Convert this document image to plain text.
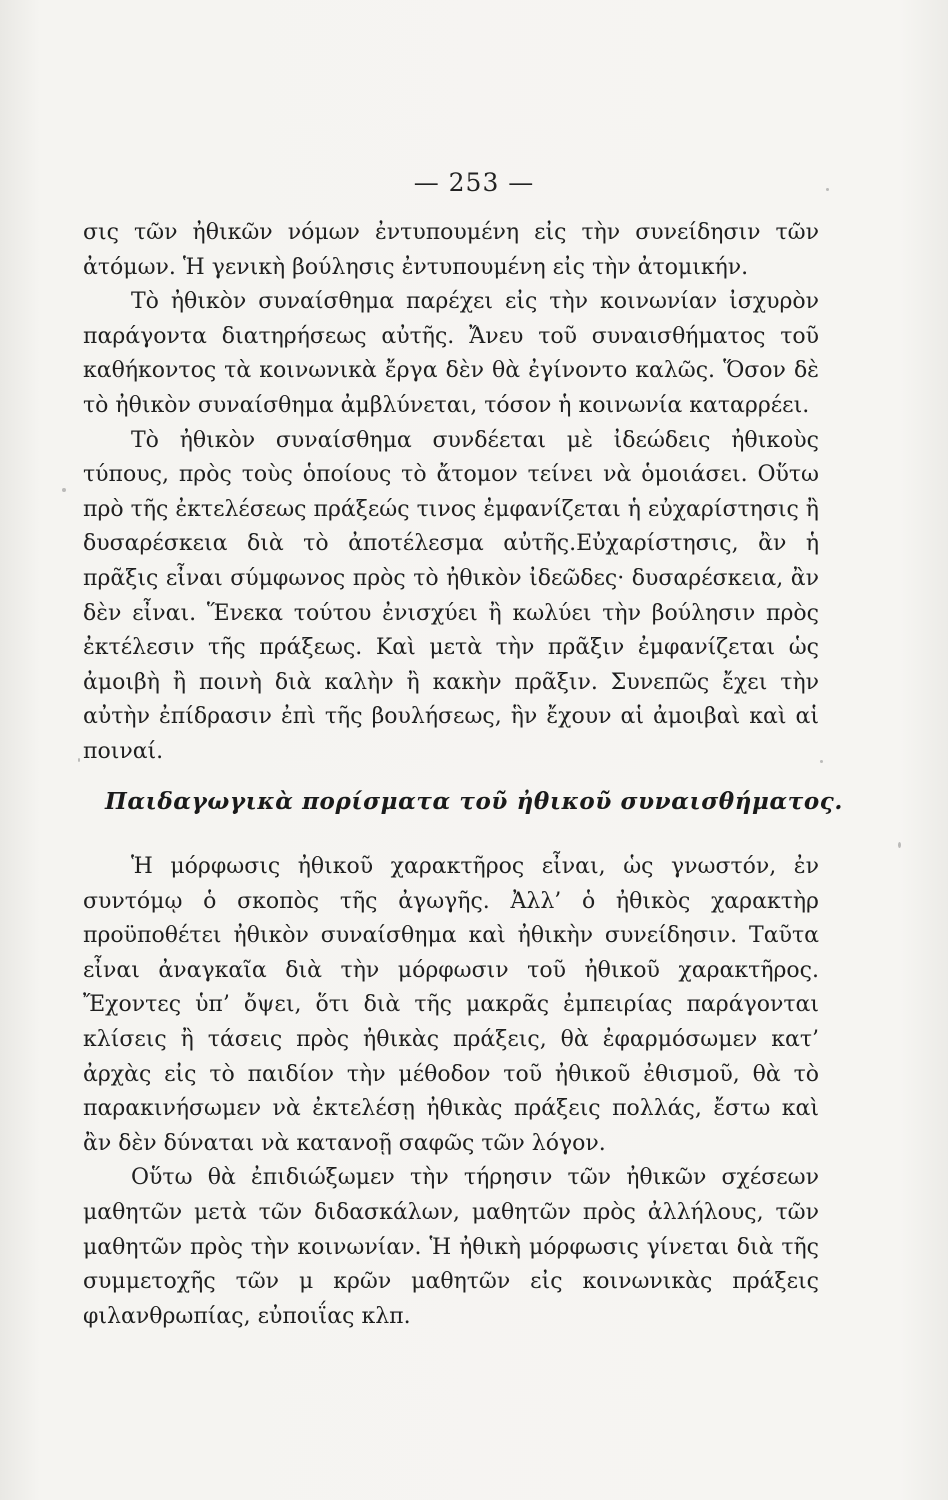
— 253 —

σις τῶν ἠθικῶν νόμων ἐντυπουμένη εἰς τὴν συνείδησιν τῶν ἀτόμων. Ἡ γενικὴ βούλησις ἐντυπουμένη εἰς τὴν ἀτομικήν.

Τὸ ἠθικὸν συναίσθημα παρέχει εἰς τὴν κοινωνίαν ἰσχυρὸν παράγοντα διατηρήσεως αὐτῆς. Ἄνευ τοῦ συναισθήματος τοῦ καθήκοντος τὰ κοινωνικὰ ἔργα δὲν θὰ ἐγίνοντο καλῶς. Ὅσον δὲ τὸ ἠθικὸν συναίσθημα ἀμβλύνεται, τόσον ἡ κοινωνία καταρρέει.

Τὸ ἠθικὸν συναίσθημα συνδέεται μὲ ἰδεώδεις ἠθικοὺς τύπους, πρὸς τοὺς ὁποίους τὸ ἄτομον τείνει νὰ ὁμοιάσει. Οὕτω πρὸ τῆς ἐκτελέσεως πράξεώς τινος ἐμφανίζεται ἡ εὐχαρίστησις ἢ δυσαρέσκεια διὰ τὸ ἀποτέλεσμα αὐτῆς.Εὐχαρίστησις, ἂν ἡ πρᾶξις εἶναι σύμφωνος πρὸς τὸ ἠθικὸν ἰδεῶδες· δυσαρέσκεια, ἂν δὲν εἶναι. Ἕνεκα τούτου ἐνισχύει ἢ κωλύει τὴν βούλησιν πρὸς ἐκτέλεσιν τῆς πράξεως. Καὶ μετὰ τὴν πρᾶξιν ἐμφανίζεται ὡς ἀμοιβὴ ἢ ποινὴ διὰ καλὴν ἢ κακὴν πρᾶξιν. Συνεπῶς ἔχει τὴν αὐτὴν ἐπίδρασιν ἐπὶ τῆς βουλήσεως, ἣν ἔχουν αἱ ἀμοιβαὶ καὶ αἱ ποιναί.

Παιδαγωγικὰ πορίσματα τοῦ ἠθικοῦ συναισθήματος.

Ἡ μόρφωσις ἠθικοῦ χαρακτῆρος εἶναι, ὡς γνωστόν, ἐν συντόμῳ ὁ σκοπὸς τῆς ἀγωγῆς. Ἀλλ’ ὁ ἠθικὸς χαρακτὴρ προϋποθέτει ἠθικὸν συναίσθημα καὶ ἠθικὴν συνείδησιν. Ταῦτα εἶναι ἀναγκαῖα διὰ τὴν μόρφωσιν τοῦ ἠθικοῦ χαρακτῆρος. Ἔχοντες ὑπ’ ὄψει, ὅτι διὰ τῆς μακρᾶς ἐμπειρίας παράγονται κλίσεις ἢ τάσεις πρὸς ἠθικὰς πράξεις, θὰ ἐφαρμόσωμεν κατ’ ἀρχὰς εἰς τὸ παιδίον τὴν μέθοδον τοῦ ἠθικοῦ ἐθισμοῦ, θὰ τὸ παρακινήσωμεν νὰ ἐκτελέσῃ ἠθικὰς πράξεις πολλάς, ἔστω καὶ ἂν δὲν δύναται νὰ κατανοῇ σαφῶς τῶν λόγον.

Οὕτω θὰ ἐπιδιώξωμεν τὴν τήρησιν τῶν ἠθικῶν σχέσεων μαθητῶν μετὰ τῶν διδασκάλων, μαθητῶν πρὸς ἀλλήλους, τῶν μαθητῶν πρὸς τὴν κοινωνίαν. Ἡ ἠθικὴ μόρφωσις γίνεται διὰ τῆς συμμετοχῆς τῶν μ κρῶν μαθητῶν εἰς κοινωνικὰς πράξεις φιλανθρωπίας, εὐποιΐας κλπ.
